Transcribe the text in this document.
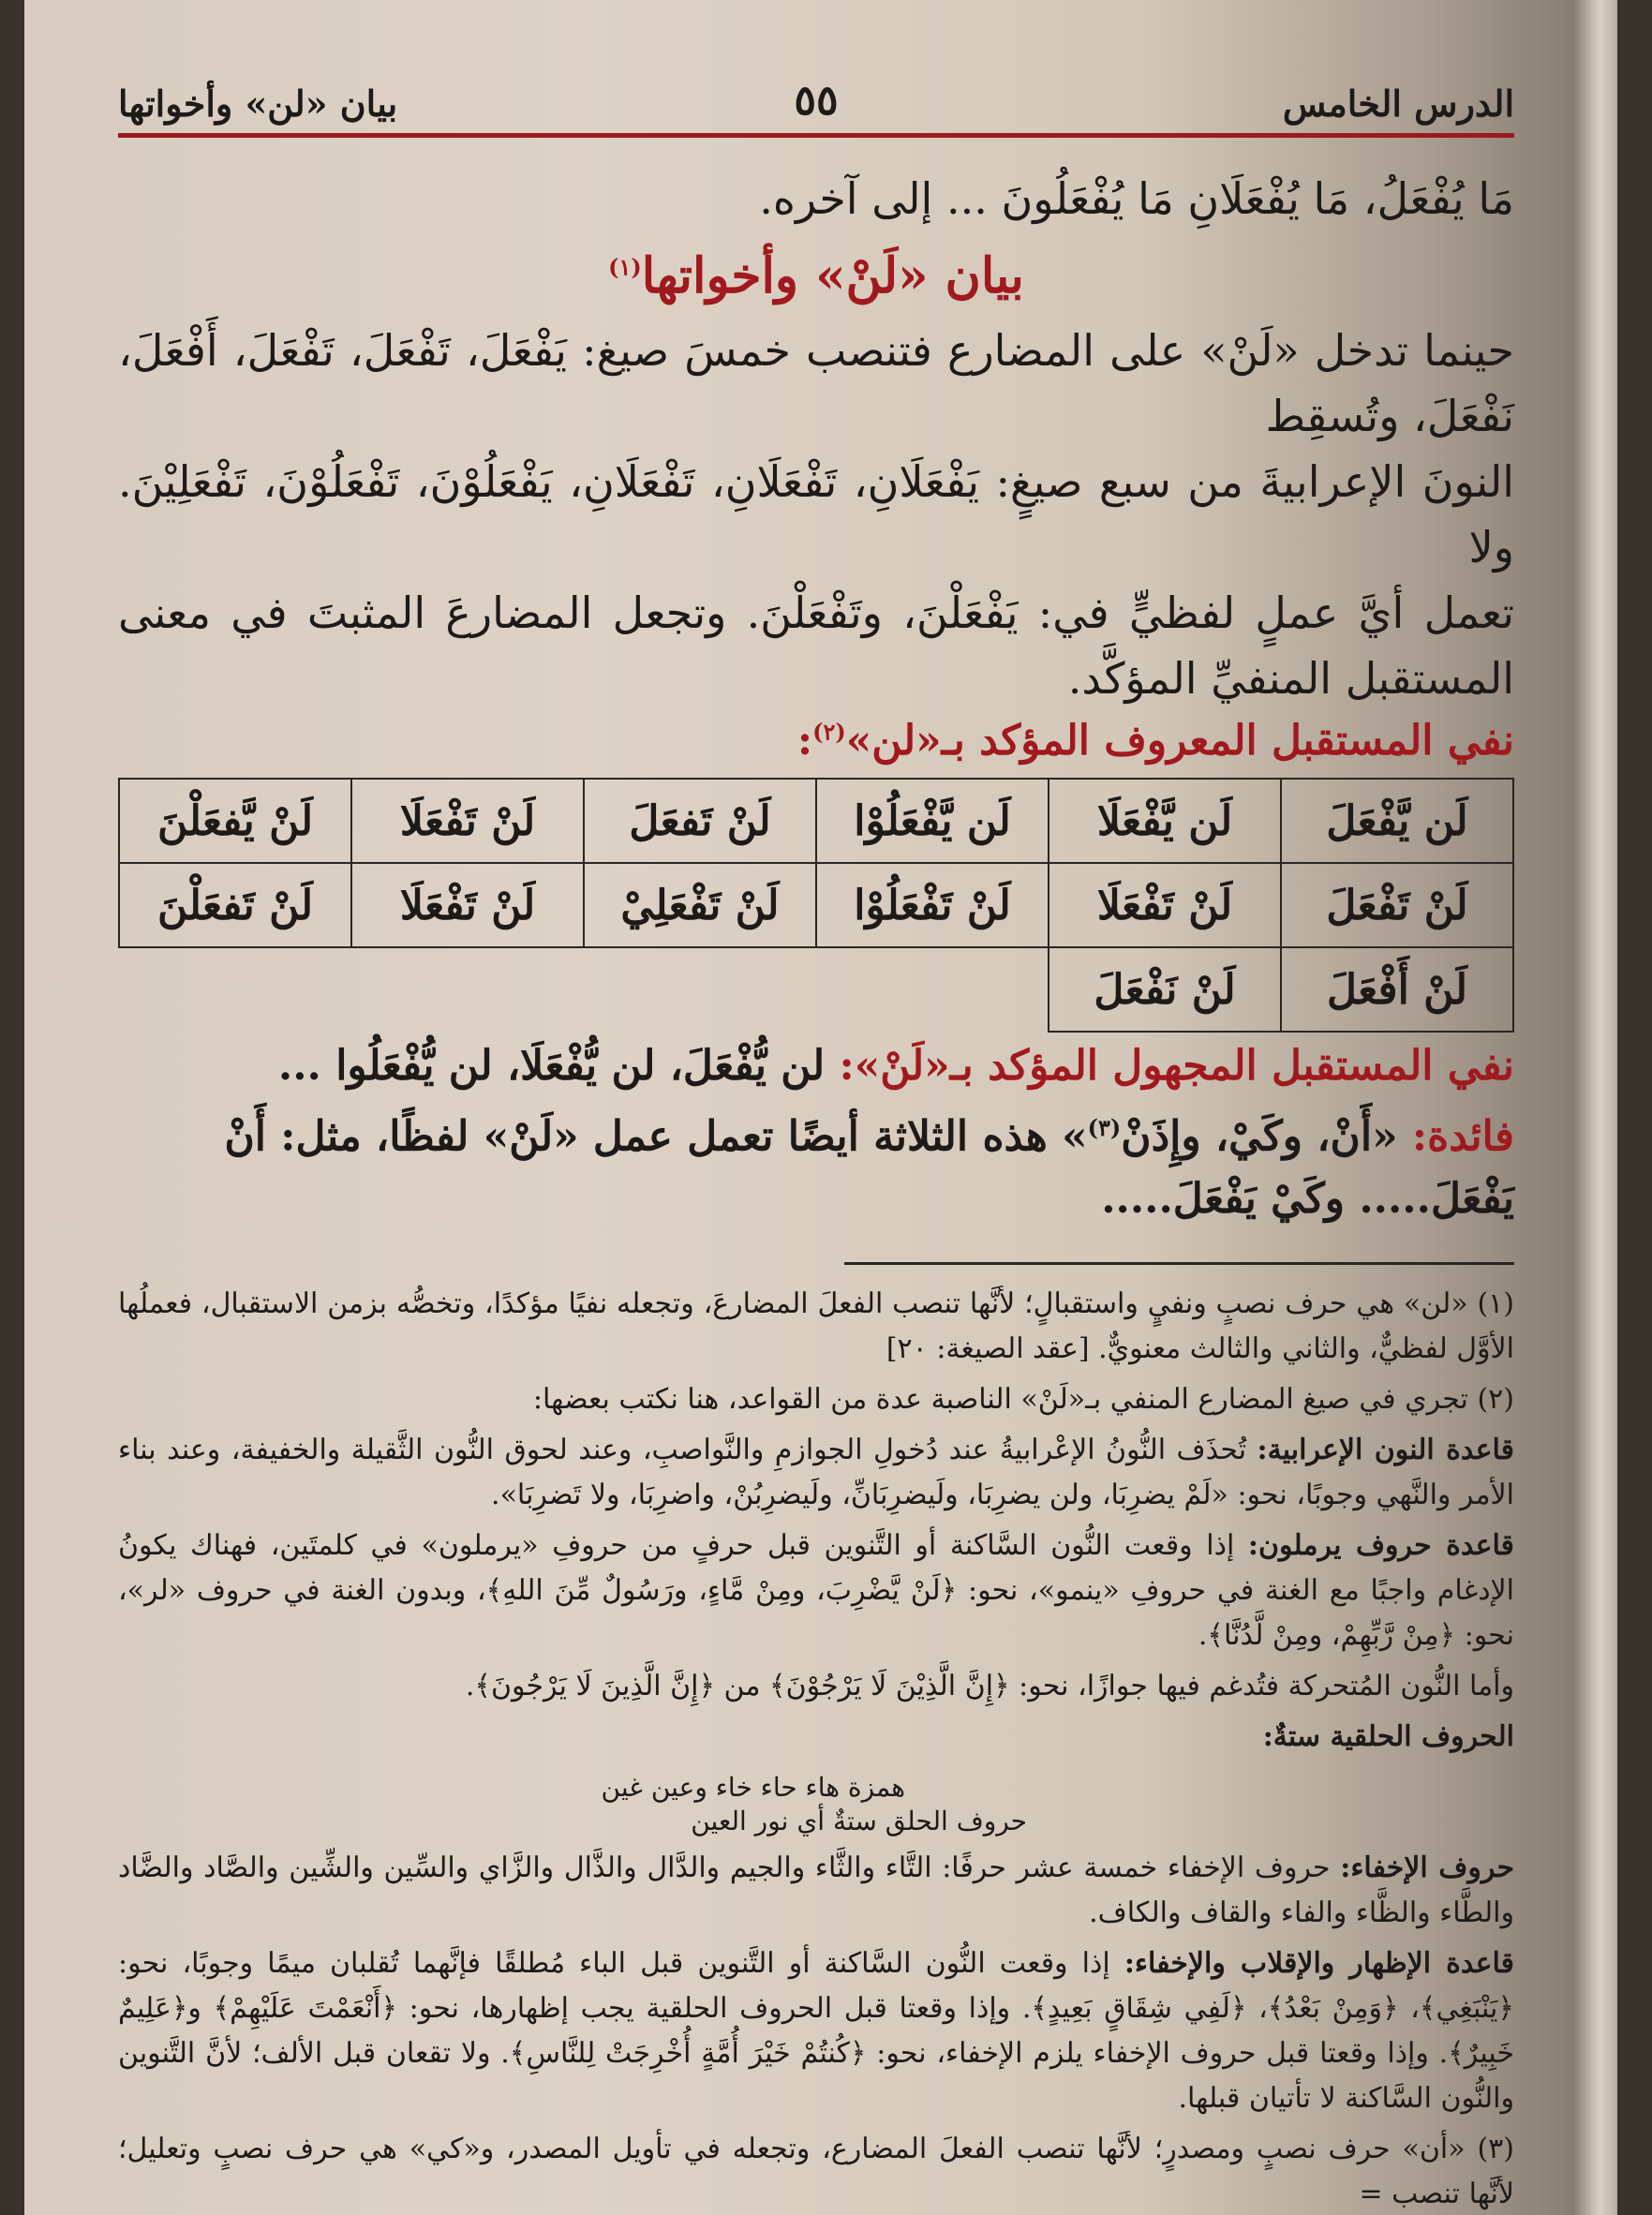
الدرس الخامس
٥٥
بيان «لن» وأخواتها

مَا يُفْعَلُ، مَا يُفْعَلَانِ مَا يُفْعَلُونَ ... إلى آخره.

بيان «لَنْ» وأخواتها$^{(١)}$

حينما تدخل «لَنْ» على المضارع فتنصب خمسَ صيغ: يَفْعَلَ، تَفْعَلَ، تَفْعَلَ، أَفْعَلَ، نَفْعَلَ، وتُسقِط

النونَ الإعرابيةَ من سبع صيغٍ: يَفْعَلَانِ، تَفْعَلَانِ، تَفْعَلَانِ، يَفْعَلُوْنَ، تَفْعَلُوْنَ، تَفْعَلِيْنَ. ولا

تعمل أيَّ عملٍ لفظيٍّ في: يَفْعَلْنَ، وتَفْعَلْنَ. وتجعل المضارعَ المثبتَ في معنى المستقبل المنفيِّ المؤكَّد.

نفي المستقبل المعروف المؤكد بـ«لن»$^{(٢)}$:

لَن يَّفْعَلَ	لَن يَّفْعَلَا	لَن يَّفْعَلُوْا	لَنْ تَفعَلَ	لَنْ تَفْعَلَا	لَنْ يَّفعَلْنَ
لَنْ تَفْعَلَ	لَنْ تَفْعَلَا	لَنْ تَفْعَلُوْا	لَنْ تَفْعَلِيْ	لَنْ تَفْعَلَا	لَنْ تَفعَلْنَ
لَنْ أَفْعَلَ	لَنْ نَفْعَلَ				

نفي المستقبل المجهول المؤكد بـ«لَنْ»: لن يُّفْعَلَ، لن يُّفْعَلَا، لن يُّفْعَلُوا ...

فائدة: «أَنْ، وكَيْ، وإِذَنْ$^{(٣)}$» هذه الثلاثة أيضًا تعمل عمل «لَنْ» لفظًا، مثل: أَنْ يَفْعَلَ..... وكَيْ يَفْعَلَ.....

(١) «لن» هي حرف نصبٍ ونفيٍ واستقبالٍ؛ لأنَّها تنصب الفعلَ المضارعَ، وتجعله نفيًا مؤكدًا، وتخصُّه بزمن الاستقبال، فعملُها الأوَّل لفظيٌّ، والثاني والثالث معنويٌّ. [عقد الصيغة: ٢٠]

(٢) تجري في صيغ المضارع المنفي بـ«لَنْ» الناصبة عدة من القواعد، هنا نكتب بعضها:

قاعدة النون الإعرابية: تُحذَف النُّونُ الإعْرابيةُ عند دُخولِ الجوازمِ والنَّواصبِ، وعند لحوق النُّون الثَّقيلة والخفيفة، وعند بناء الأمر والنَّهي وجوبًا، نحو: «لَمْ يضرِبَا، ولن يضرِبَا، ولَيضرِبَانِّ، ولَيضرِبُنْ، واضرِبَا، ولا تَضرِبَا».

قاعدة حروف يرملون: إذا وقعت النُّون السَّاكنة أو التَّنوين قبل حرفٍ من حروفِ «يرملون» في كلمتَين، فهناك يكونُ الإدغام واجبًا مع الغنة في حروفِ «ينمو»، نحو: ﴿لَنْ يَّضْرِبَ، ومِنْ مَّاءٍ، ورَسُولٌ مِّنَ اللهِ﴾، وبدون الغنة في حروف «لر»، نحو: ﴿مِنْ رَّبِّهِمْ، ومِنْ لَّدُنَّا﴾.

وأما النُّون المُتحركة فتُدغم فيها جوازًا، نحو: ﴿إِنَّ الَّذِيْنَ لَا يَرْجُوْنَ﴾ من ﴿إِنَّ الَّذِينَ لَا يَرْجُونَ﴾.

الحروف الحلقية ستةٌ:

حروف الحلق ستةٌ أي نور العين
همزة هاء حاء خاء وعين غين

حروف الإخفاء: حروف الإخفاء خمسة عشر حرفًا: التَّاء والثَّاء والجيم والدَّال والذَّال والزَّاي والسِّين والشِّين والصَّاد والضَّاد والطَّاء والظَّاء والفاء والقاف والكاف.

قاعدة الإظهار والإقلاب والإخفاء: إذا وقعت النُّون السَّاكنة أو التَّنوين قبل الباء مُطلقًا فإنَّهما تُقلبان ميمًا وجوبًا، نحو: ﴿يَنْبَغِي﴾، ﴿وَمِنْ بَعْدُ﴾، ﴿لَفِي شِقَاقٍ بَعِيدٍ﴾. وإذا وقعتا قبل الحروف الحلقية يجب إظهارها، نحو: ﴿أَنْعَمْتَ عَلَيْهِمْ﴾ و﴿عَلِيمٌ خَبِيرٌ﴾. وإذا وقعتا قبل حروف الإخفاء يلزم الإخفاء، نحو: ﴿كُنتُمْ خَيْرَ أُمَّةٍ أُخْرِجَتْ لِلنَّاسِ﴾. ولا تقعان قبل الألف؛ لأنَّ التَّنوين والنُّون السَّاكنة لا تأتيان قبلها.

(٣) «أن» حرف نصبٍ ومصدرٍ؛ لأنَّها تنصب الفعلَ المضارع، وتجعله في تأويل المصدر، و«كي» هي حرف نصبٍ وتعليل؛ لأنَّها تنصب =
